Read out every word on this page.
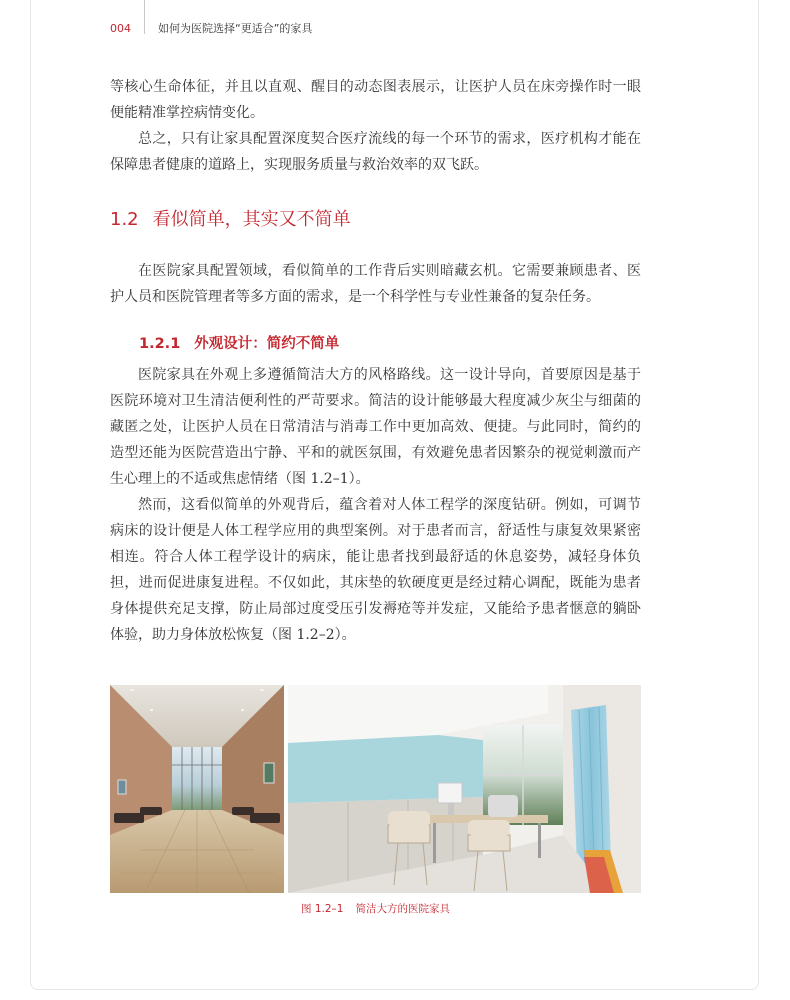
004	如何为医院选择“更适合”的家具

等核心生命体征，并且以直观、醒目的动态图表展示，让医护人员在床旁操作时一眼便能精准掌控病情变化。

总之，只有让家具配置深度契合医疗流线的每一个环节的需求，医疗机构才能在保障患者健康的道路上，实现服务质量与救治效率的双飞跃。

1.2 看似简单，其实又不简单

在医院家具配置领域，看似简单的工作背后实则暗藏玄机。它需要兼顾患者、医护人员和医院管理者等多方面的需求，是一个科学性与专业性兼备的复杂任务。

1.2.1 外观设计：简约不简单

医院家具在外观上多遵循简洁大方的风格路线。这一设计导向，首要原因是基于医院环境对卫生清洁便利性的严苛要求。简洁的设计能够最大程度减少灰尘与细菌的藏匿之处，让医护人员在日常清洁与消毒工作中更加高效、便捷。与此同时，简约的造型还能为医院营造出宁静、平和的就医氛围，有效避免患者因繁杂的视觉刺激而产生心理上的不适或焦虑情绪（图 1.2–1）。

然而，这看似简单的外观背后，蕴含着对人体工程学的深度钻研。例如，可调节病床的设计便是人体工程学应用的典型案例。对于患者而言，舒适性与康复效果紧密相连。符合人体工程学设计的病床，能让患者找到最舒适的休息姿势，减轻身体负担，进而促进康复进程。不仅如此，其床垫的软硬度更是经过精心调配，既能为患者身体提供充足支撑，防止局部过度受压引发褥疮等并发症，又能给予患者惬意的躺卧体验，助力身体放松恢复（图 1.2–2）。

图 1.2–1 简洁大方的医院家具
